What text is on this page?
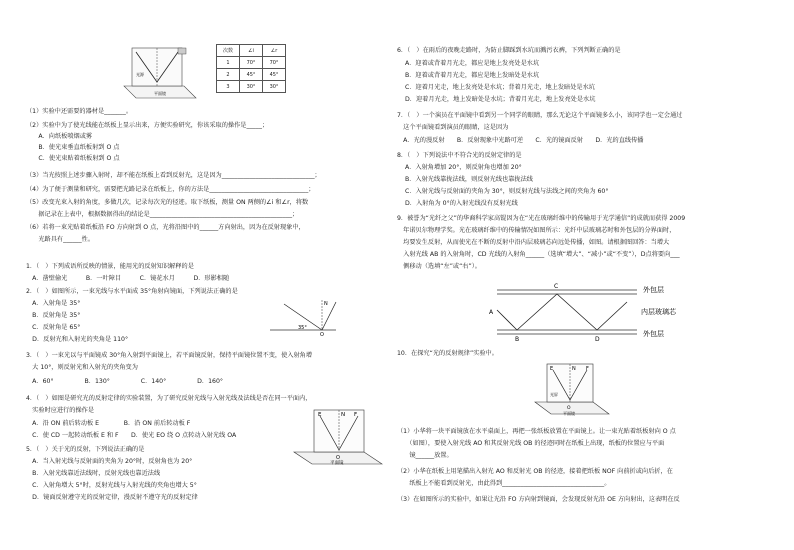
光源
平面镜
次数	∠i	∠r
1	70°	70°
2	45°	45°
3	30°	30°
（1）实验中还需要的器材是_______。
（2）实验中为了使光线能在纸板上显示出来，方便实验研究，你该采取的操作是_____；
　　A．向纸板喷烟或雾
　　B．使光束垂直纸板射到 O 点
　　C．使光束贴着纸板射到 O 点
（3）当光按照上述步骤入射时，却不能在纸板上看到反射光，这是因为______________________________；
（4）为了便于测量和研究，需要把光路记录在纸板上，你的方法是________________________________；
（5）改变光束入射的角度，多做几次，记录每次光的径迹。取下纸板，测量 ON 两侧的∠i 和∠r，将数
　　据记录在上表中，根据数据得出的结论是______________________________________________；
（6）若将一束光贴着纸板沿 FO 方向射到 O 点，光将沿图中的______方向射出，因为在反射现象中，
　　光路具有______性。
1．（　）下列成语所反映的情景，能用光的反射知识解释的是
　A．凿壁偷光　　　B．一叶障目　　　C．镜花水月　　　D．形影相随
2．（　）如图所示，一束光线与水平面成 35°角射向镜面，下列说法正确的是
　A．入射角是 35°
　B．反射角是 35°
　C．反射角是 65°
　D．反射光和入射光的夹角是 110°
N
35°
O
3．（　）一束光以与平面镜成 30°角入射到平面镜上，若平面镜反射，保持平面镜位置不变，使入射角增
　大 10°，则反射光和入射光的夹角变为
　A．60°　　　　　B．130°　　　　　C．140°　　　　　D．160°
4．（　）如图是研究光的反射定律的实验装置，为了研究反射光线与入射光线及法线是否在同一平面内，
　实验时应进行的操作是
　A．沿 ON 前后转动板 E　　　　B．沿 ON 前后转动板 F
　C．使 CD 一起转动纸板 E 和 F　　D．使光 EO 绕 O 点转动入射光线 OA
5．（　）关于光的反射，下列说法正确的是
　A．当入射光线与反射面的夹角为 20°时，反射角也为 20°
　B．入射光线靠近法线时，反射光线也靠近法线
　C．入射角增大 5°时，反射光线与入射光线的夹角也增大 5°
　D．镜面反射遵守光的反射定律，漫反射不遵守光的反射定律
E	N F
O
平面镜
6．（　）在雨后的夜晚走路时，为防止脚踩到水坑而溅污衣裤，下列判断正确的是
A．迎着或背着月光走，都应是地上发亮处是水坑
B．迎着或背着月光走，都应是地上发暗处是水坑
C．迎着月光走，地上发亮处是水坑；背着月光走，地上发暗处是水坑
D．迎着月光走，地上发暗处是水坑；背着月光走，地上发亮处是水坑
7．（　）一个演员在平面镜中看到另一个同学的眼睛，那么无论这个平面镜多么小，该同学也一定会通过
　这个平面镜看到演员的眼睛，这是因为
　A．光的漫反射　　B．反射现象中光路可逆　　C．光的镜面反射　　D．光的直线传播
8．（　）下列说法中不符合光的反射定律的是
A．入射角增加 20°，则反射角也增加 20°
B．入射光线靠拢法线，则反射光线也靠拢法线
C．入射光线与反射面的夹角为 30°，则反射光线与法线之间的夹角为 60°
D．入射角为 0°的入射光线没有反射光线
9．被誉为“光纤之父”的华裔科学家高锟因为在“光在玻璃纤维中的传输用于光学通信”的成就而获得 2009
　年诺贝尔物理学奖。光在玻璃纤维中的传输情况如图所示：光纤中层玻璃芯时和外包层的分界面时，
　均要发生反射，从而使光在不断的反射中沿内层玻璃芯向远处传播，如图。请根据图回答：当增大
　入射光线 AB 的入射角时，CD 光线的入射角______（选填“增大”、“减小”或“不变”），D点将要向___
　侧移动（选填“左”或“右”）。
A
B
C
D
外包层
内层玻璃芯
外包层
10．在探究“光的反射规律”实验中。
E	N F
光屏
O
平面镜
（1）小华将一块平面镜放在水平桌面上，再把一张纸板放置在平面镜上。让一束光贴着纸板射向 O 点
　　（如图），要使入射光线 AO 和其反射光线 OB 的径迹同时在纸板上出现，纸板的位置应与平面
　　镜______放置。
（2）小华在纸板上用笔描出入射光 AO 和反射光 OB 的径迹，接着把纸板 NOF 向前折或向后折，在
　　纸板上不能看到反射光，由此得到_________________________________。
（3）在如图所示的实验中，如果让光沿 FO 方向射到镜面，会发现反射光沿 OE 方向射出，这表明在反
